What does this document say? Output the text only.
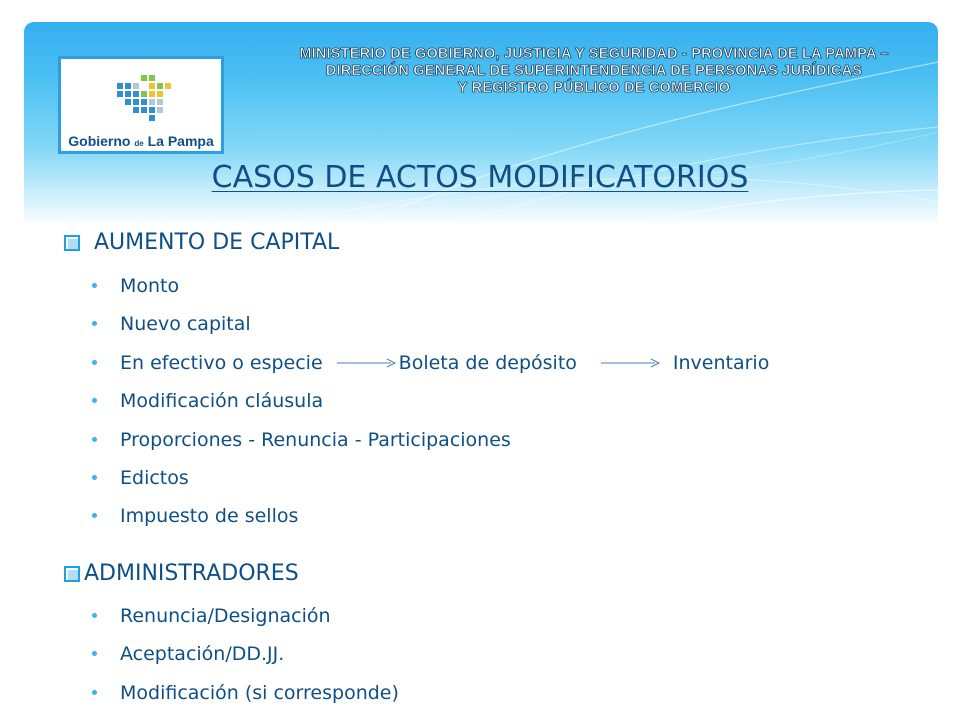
Gobierno de La Pampa
MINISTERIO DE GOBIERNO, JUSTICIA Y SEGURIDAD - PROVINCIA DE LA PAMPA –
DIRECCIÓN GENERAL DE SUPERINTENDENCIA DE PERSONAS JURÍDICAS
Y REGISTRO PÚBLICO DE COMERCIO
CASOS DE ACTOS MODIFICATORIOS
AUMENTO DE CAPITAL
Monto
Nuevo capital
En efectivo o especie	Boleta de depósito	Inventario
Modificación cláusula
Proporciones - Renuncia - Participaciones
Edictos
Impuesto de sellos
ADMINISTRADORES
Renuncia/Designación
Aceptación/DD.JJ.
Modificación (si corresponde)
